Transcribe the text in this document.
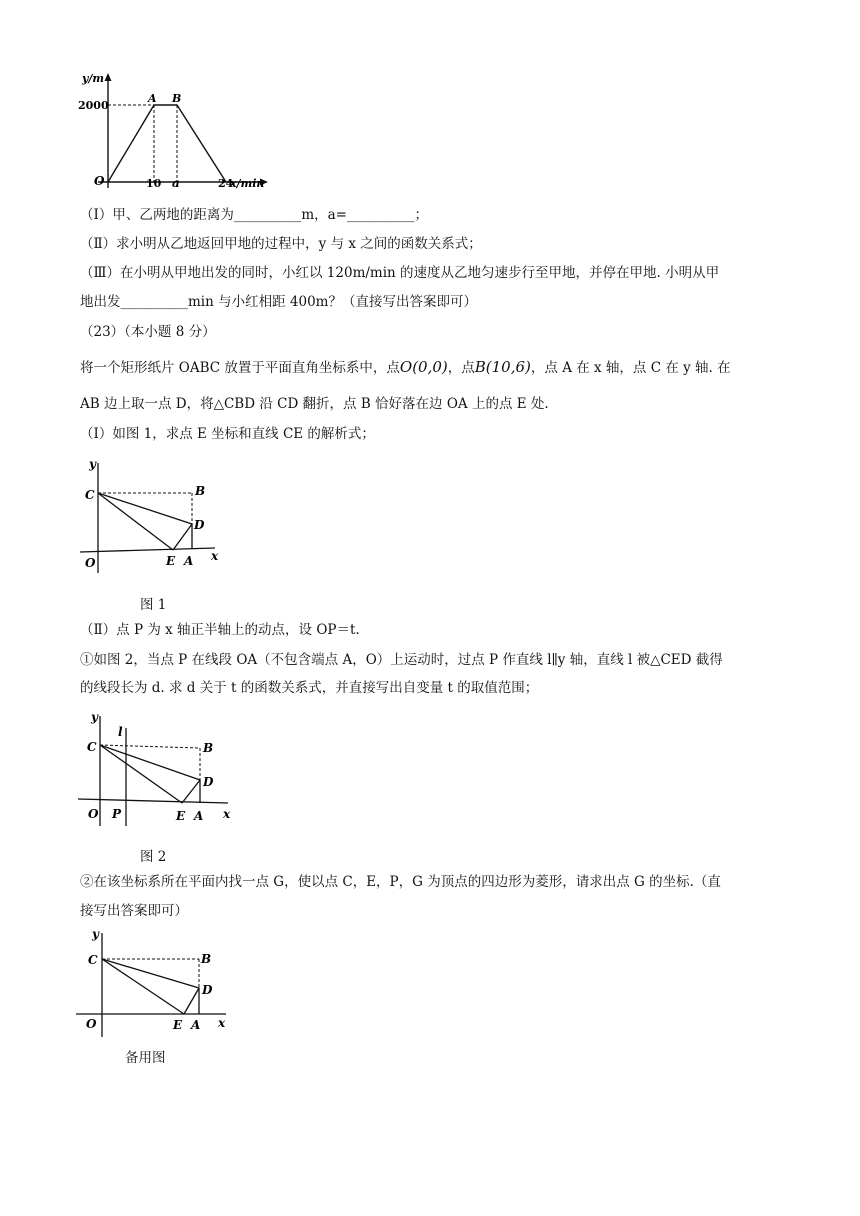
y/m
2000
O	10 a	24
x/min
A B
（Ⅰ）甲、乙两地的距离为__________m，a=__________；
（Ⅱ）求小明从乙地返回甲地的过程中，y 与 x 之间的函数关系式；
（Ⅲ）在小明从甲地出发的同时，小红以 120m/min 的速度从乙地匀速步行至甲地，并停在甲地. 小明从甲
地出发__________min 与小红相距 400m？（直接写出答案即可）
（23）（本小题 8 分）
将一个矩形纸片 OABC 放置于平面直角坐标系中，点O(0,0)，点B(10,6)，点 A 在 x 轴，点 C 在 y 轴. 在
AB 边上取一点 D，将△CBD 沿 CD 翻折，点 B 恰好落在边 OA 上的点 E 处.
（Ⅰ）如图 1，求点 E 坐标和直线 CE 的解析式；
y
C	B
D
O	E A x
图 1
（Ⅱ）点 P 为 x 轴正半轴上的动点，设 OP＝t.
①如图 2，当点 P 在线段 OA（不包含端点 A，O）上运动时，过点 P 作直线 l∥y 轴，直线 l 被△CED 截得
的线段长为 d. 求 d 关于 t 的函数关系式，并直接写出自变量 t 的取值范围；
y
l
C	B
D
O P	E A x
图 2
②在该坐标系所在平面内找一点 G，使以点 C，E，P，G 为顶点的四边形为菱形，请求出点 G 的坐标.（直
接写出答案即可）
y
C	B
D
O	E A x
备用图
